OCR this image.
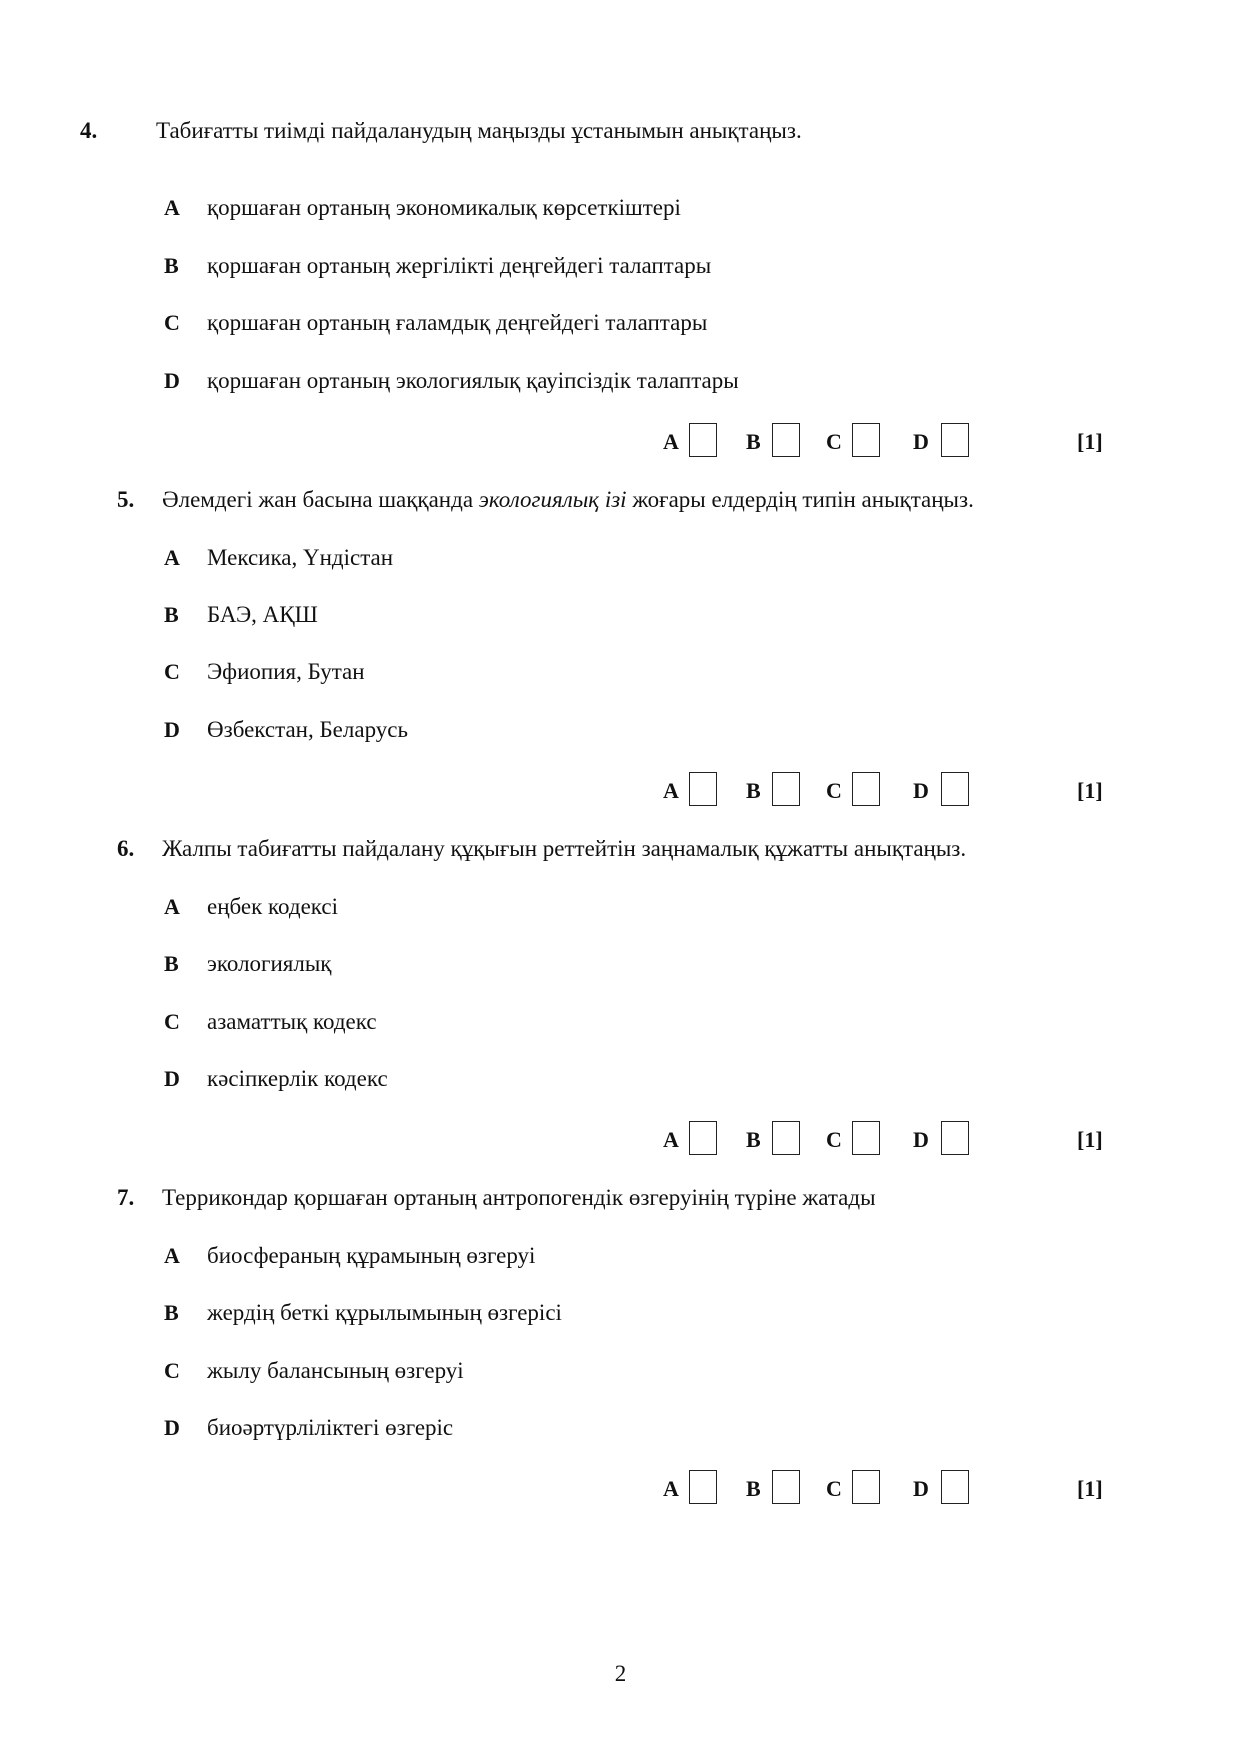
4.	Табиғатты тиімді пайдаланудың маңызды ұстанымын анықтаңыз.
A қоршаған ортаның экономикалық көрсеткіштері
B қоршаған ортаның жергілікті деңгейдегі талаптары
C қоршаған ортаның ғаламдық деңгейдегі талаптары
D қоршаған ортаның экологиялық қауіпсіздік талаптары
A	B	C	D	[1]
5. Әлемдегі жан басына шаққанда экологиялық ізі жоғары елдердің типін анықтаңыз.
A Мексика, Үндістан
B БАЭ, АҚШ
C Эфиопия, Бутан
D Өзбекстан, Беларусь
A	B	C	D	[1]
6. Жалпы табиғатты пайдалану құқығын реттейтін заңнамалық құжатты анықтаңыз.
A еңбек кодексі
B экологиялық
C азаматтық кодекс
D кәсіпкерлік кодекс
A	B	C	D	[1]
7. Террикондар қоршаған ортаның антропогендік өзгеруінің түріне жатады
A биосфераның құрамының өзгеруі
B жердің беткі құрылымының өзгерісі
C жылу балансының өзгеруі
D биоәртүрліліктегі өзгеріс
A	B	C	D	[1]
2
